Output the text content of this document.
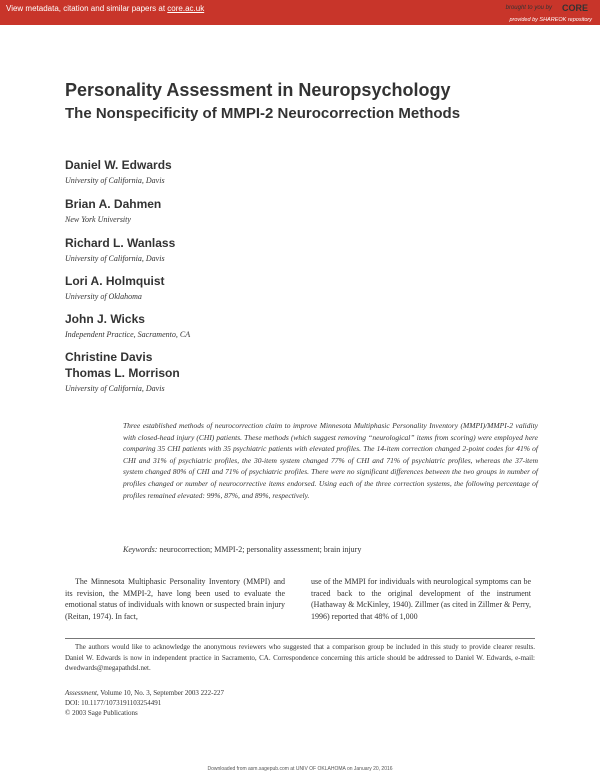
View metadata, citation and similar papers at core.ac.uk	brought to you by CORE
provided by SHAREOK repository
Personality Assessment in Neuropsychology
The Nonspecificity of MMPI-2 Neurocorrection Methods
Daniel W. Edwards
University of California, Davis
Brian A. Dahmen
New York University
Richard L. Wanlass
University of California, Davis
Lori A. Holmquist
University of Oklahoma
John J. Wicks
Independent Practice, Sacramento, CA
Christine Davis
Thomas L. Morrison
University of California, Davis
Three established methods of neurocorrection claim to improve Minnesota Multiphasic Personality Inventory (MMPI)/MMPI-2 validity with closed-head injury (CHI) patients. These methods (which suggest removing “neurological” items from scoring) were employed here comparing 35 CHI patients with 35 psychiatric patients with elevated profiles. The 14-item correction changed 2-point codes for 41% of CHI and 31% of psychiatric profiles, the 30-item system changed 77% of CHI and 71% of psychiatric profiles, whereas the 37-item system changed 80% of CHI and 71% of psychiatric profiles. There were no significant differences between the two groups in number of profiles changed or number of neurocorrective items endorsed. Using each of the three correction systems, the following percentage of profiles remained elevated: 99%, 87%, and 89%, respectively.
Keywords: neurocorrection; MMPI-2; personality assessment; brain injury
The Minnesota Multiphasic Personality Inventory (MMPI) and its revision, the MMPI-2, have long been used to evaluate the emotional status of individuals with known or suspected brain injury (Reitan, 1974). In fact,
use of the MMPI for individuals with neurological symptoms can be traced back to the original development of the instrument (Hathaway & McKinley, 1940). Zillmer (as cited in Zillmer & Perry, 1996) reported that 48% of 1,000
The authors would like to acknowledge the anonymous reviewers who suggested that a comparison group be included in this study to provide clearer results. Daniel W. Edwards is now in independent practice in Sacramento, CA. Correspondence concerning this article should be addressed to Daniel W. Edwards, e-mail: dwedwards@megapathdsl.net.
Assessment, Volume 10, No. 3, September 2003 222-227
DOI: 10.1177/1073191103254491
© 2003 Sage Publications
Downloaded from asm.sagepub.com at UNIV OF OKLAHOMA on January 20, 2016
